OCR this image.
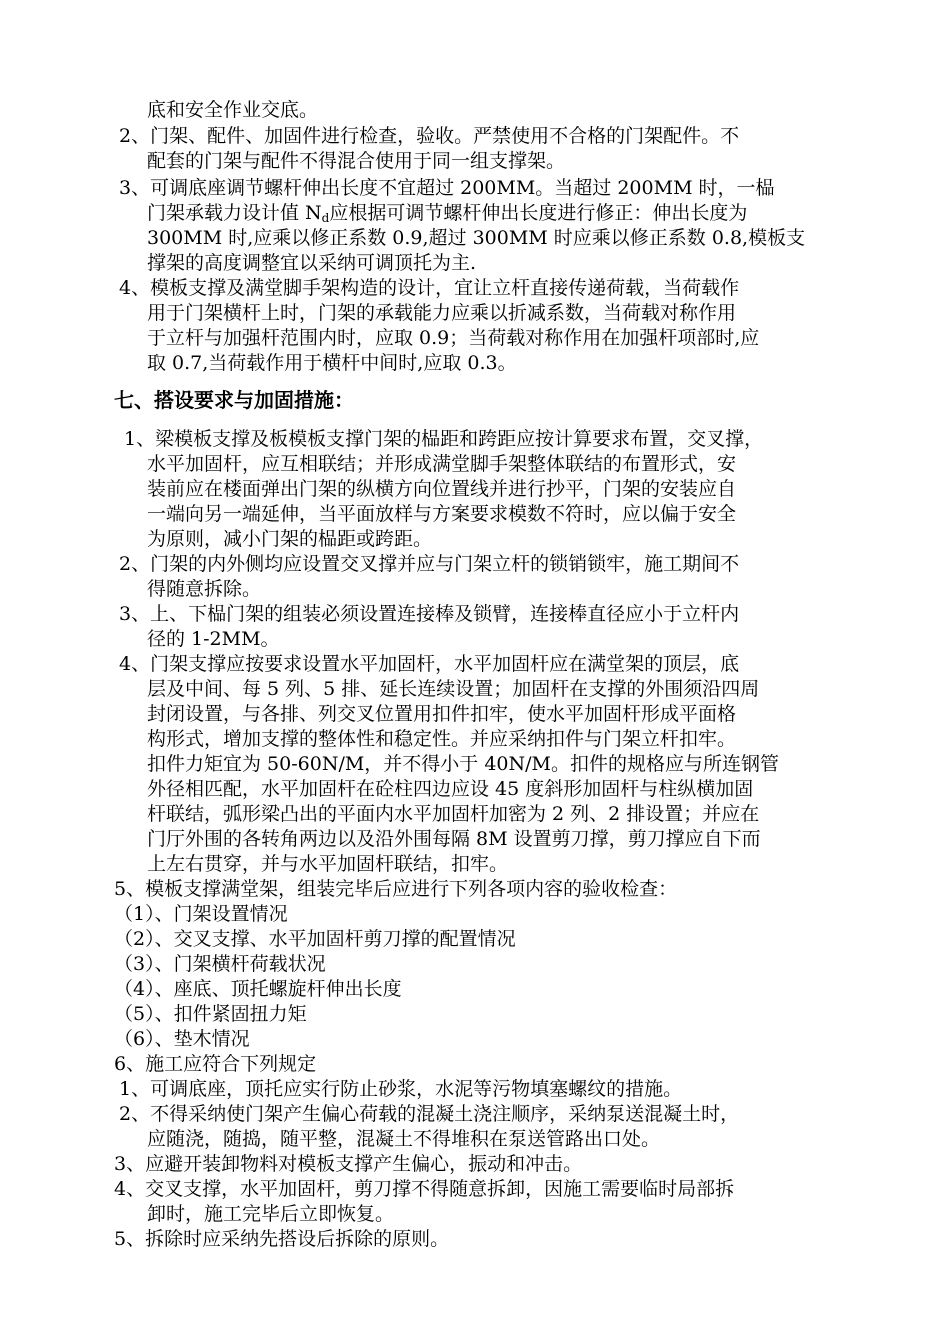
底和安全作业交底。
2、门架、配件、加固件进行检查，验收。严禁使用不合格的门架配件。不
配套的门架与配件不得混合使用于同一组支撑架。
3、可调底座调节螺杆伸出长度不宜超过 200MM。当超过 200MM 时，一榀
门架承载力设计值 $N_d$应根据可调节螺杆伸出长度进行修正：伸出长度为
300MM 时,应乘以修正系数 0.9,超过 300MM 时应乘以修正系数 0.8,模板支
撑架的高度调整宜以采纳可调顶托为主.
4、模板支撑及满堂脚手架构造的设计，宜让立杆直接传递荷载，当荷载作
用于门架横杆上时，门架的承载能力应乘以折减系数，当荷载对称作用
于立杆与加强杆范围内时，应取 0.9；当荷载对称作用在加强杆项部时,应
取 0.7,当荷载作用于横杆中间时,应取 0.3。
七、搭设要求与加固措施：
1、梁模板支撑及板模板支撑门架的榀距和跨距应按计算要求布置，交叉撑，
水平加固杆，应互相联结；并形成满堂脚手架整体联结的布置形式，安
装前应在楼面弹出门架的纵横方向位置线并进行抄平，门架的安装应自
一端向另一端延伸，当平面放样与方案要求模数不符时，应以偏于安全
为原则，减小门架的榀距或跨距。
2、门架的内外侧均应设置交叉撑并应与门架立杆的锁销锁牢，施工期间不
得随意拆除。
3、上、下榀门架的组装必须设置连接棒及锁臂，连接棒直径应小于立杆内
径的 1-2MM。
4、门架支撑应按要求设置水平加固杆，水平加固杆应在满堂架的顶层，底
层及中间、每 5 列、5 排、延长连续设置；加固杆在支撑的外围须沿四周
封闭设置，与各排、列交叉位置用扣件扣牢，使水平加固杆形成平面格
构形式，增加支撑的整体性和稳定性。并应采纳扣件与门架立杆扣牢。
扣件力矩宜为 50-60N/M，并不得小于 40N/M。扣件的规格应与所连钢管
外径相匹配，水平加固杆在砼柱四边应设 45 度斜形加固杆与柱纵横加固
杆联结，弧形梁凸出的平面内水平加固杆加密为 2 列、2 排设置；并应在
门厅外围的各转角两边以及沿外围每隔 8M 设置剪刀撑，剪刀撑应自下而
上左右贯穿，并与水平加固杆联结，扣牢。
5、模板支撑满堂架，组装完毕后应进行下列各项内容的验收检查：
（1）、门架设置情况
（2）、交叉支撑、水平加固杆剪刀撑的配置情况
（3）、门架横杆荷载状况
（4）、座底、顶托螺旋杆伸出长度
（5）、扣件紧固扭力矩
（6）、垫木情况
6、施工应符合下列规定
1、可调底座，顶托应实行防止砂浆，水泥等污物填塞螺纹的措施。
2、不得采纳使门架产生偏心荷载的混凝土浇注顺序，采纳泵送混凝土时，
应随浇，随捣，随平整，混凝土不得堆积在泵送管路出口处。
3、应避开装卸物料对模板支撑产生偏心，振动和冲击。
4、交叉支撑，水平加固杆，剪刀撑不得随意拆卸，因施工需要临时局部拆
卸时，施工完毕后立即恢复。
5、拆除时应采纳先搭设后拆除的原则。
